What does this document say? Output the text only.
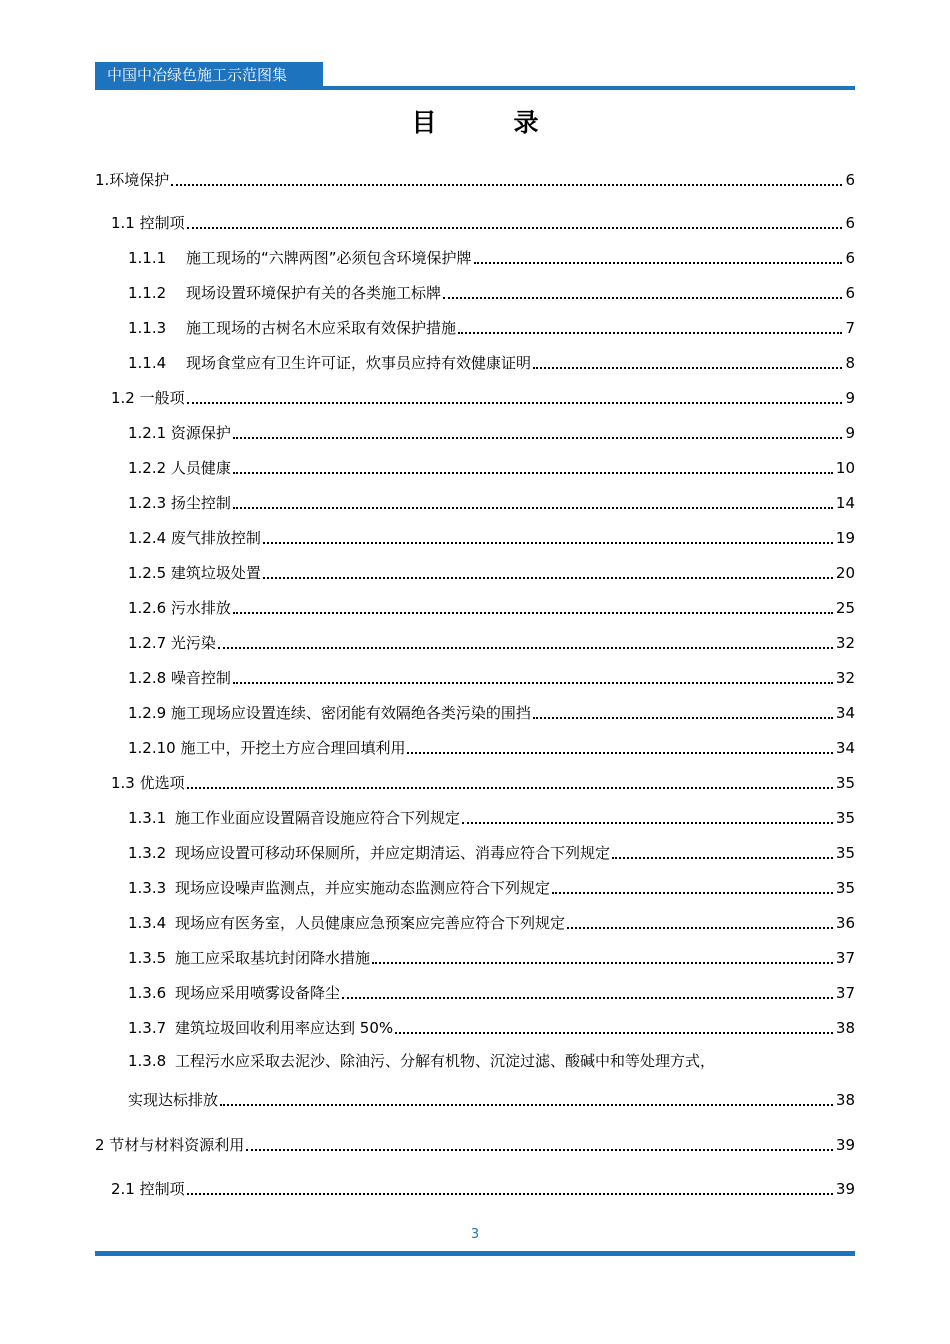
中国中冶绿色施工示范图集
目　录
1.环境保护	6
1.1 控制项	6
1.1.1 施工现场的“六牌两图”必须包含环境保护牌	6
1.1.2 现场设置环境保护有关的各类施工标牌	6
1.1.3 施工现场的古树名木应采取有效保护措施	7
1.1.4 现场食堂应有卫生许可证，炊事员应持有效健康证明	8
1.2 一般项	9
1.2.1 资源保护	9
1.2.2 人员健康	10
1.2.3 扬尘控制	14
1.2.4 废气排放控制	19
1.2.5 建筑垃圾处置	20
1.2.6 污水排放	25
1.2.7 光污染	32
1.2.8 噪音控制	32
1.2.9 施工现场应设置连续、密闭能有效隔绝各类污染的围挡	34
1.2.10 施工中，开挖土方应合理回填利用	34
1.3 优选项	35
1.3.1 施工作业面应设置隔音设施应符合下列规定	35
1.3.2 现场应设置可移动环保厕所，并应定期清运、消毒应符合下列规定	35
1.3.3 现场应设噪声监测点，并应实施动态监测应符合下列规定	35
1.3.4 现场应有医务室，人员健康应急预案应完善应符合下列规定	36
1.3.5 施工应采取基坑封闭降水措施	37
1.3.6 现场应采用喷雾设备降尘	37
1.3.7 建筑垃圾回收利用率应达到 50%	38
1.3.8 工程污水应采取去泥沙、除油污、分解有机物、沉淀过滤、酸碱中和等处理方式，
实现达标排放	38
2 节材与材料资源利用	39
2.1 控制项	39
3
